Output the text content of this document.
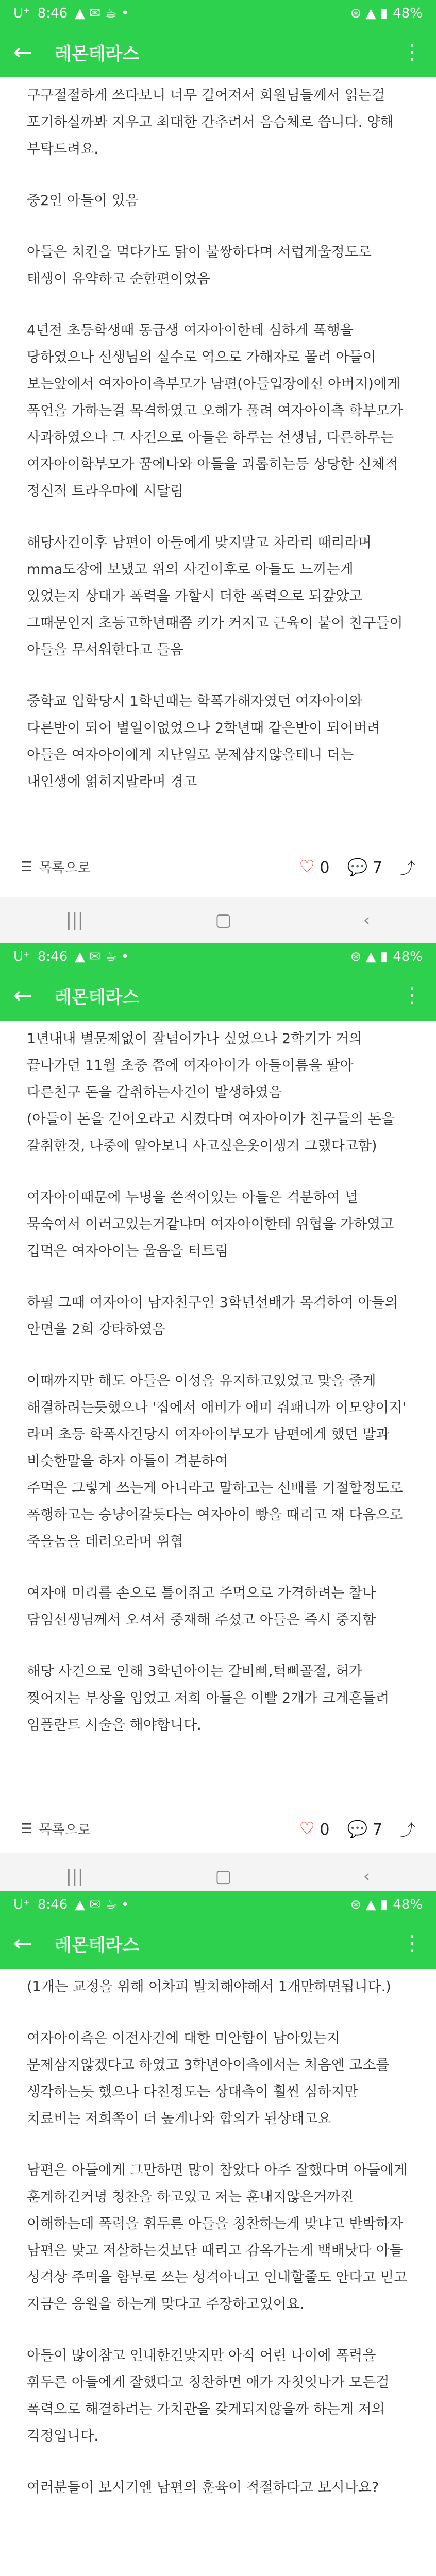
U⁺ 8:46 ▲ ✉ ☕ •	⊛ ▲ ▮ 48%
←	레몬테라스	⋮

구구절절하게 쓰다보니 너무 길어져서 회원님들께서 읽는걸 포기하실까봐 지우고 최대한 간추려서 음슴체로 씁니다. 양해 부탁드려요.

중2인 아들이 있음

아들은 치킨을 먹다가도 닭이 불쌍하다며 서럽게울정도로 태생이 유약하고 순한편이었음

4년전 초등학생때 동급생 여자아이한테 심하게 폭행을 당하였으나 선생님의 실수로 역으로 가해자로 몰려 아들이 보는앞에서 여자아이측부모가 남편(아들입장에선 아버지)에게 폭언을 가하는걸 목격하였고 오해가 풀려 여자아이측 학부모가 사과하였으나 그 사건으로 아들은 하루는 선생님, 다른하루는 여자아이학부모가 꿈에나와 아들을 괴롭히는등 상당한 신체적 정신적 트라우마에 시달림

해당사건이후 남편이 아들에게 맞지말고 차라리 때리라며 mma도장에 보냈고 위의 사건이후로 아들도 느끼는게 있었는지 상대가 폭력을 가할시 더한 폭력으로 되갚았고 그때문인지 초등고학년때쯤 키가 커지고 근육이 붙어 친구들이 아들을 무서워한다고 들음

중학교 입학당시 1학년때는 학폭가해자였던 여자아이와 다른반이 되어 별일이없었으나 2학년때 같은반이 되어버려 아들은 여자아이에게 지난일로 문제삼지않을테니 더는 내인생에 얽히지말라며 경고

☰ 목록으로	♡ 0 💬 7 ⤴
|||	▢	‹
U⁺ 8:46 ▲ ✉ ☕ •	⊛ ▲ ▮ 48%
←	레몬테라스	⋮

1년내내 별문제없이 잘넘어가나 싶었으나 2학기가 거의 끝나가던 11월 초중 쯤에 여자아이가 아들이름을 팔아 다른친구 돈을 갈취하는사건이 발생하였음
(아들이 돈을 걷어오라고 시켰다며 여자아이가 친구들의 돈을 갈취한것, 나중에 알아보니 사고싶은옷이생겨 그랬다고함)

여자아이때문에 누명을 쓴적이있는 아들은 격분하여 널 묵숙여서 이러고있는거같냐며 여자아이한테 위협을 가하였고 겁먹은 여자아이는 울음을 터트림

하필 그때 여자아이 남자친구인 3학년선배가 목격하여 아들의 안면을 2회 강타하였음

이때까지만 해도 아들은 이성을 유지하고있었고 맞을 줄게 해결하려는듯했으나 '집에서 애비가 애미 줘패니까 이모양이지' 라며 초등 학폭사건당시 여자아이부모가 남편에게 했던 말과 비슷한말을 하자 아들이 격분하여
주먹은 그렇게 쓰는게 아니라고 말하고는 선배를 기절할정도로 폭행하고는 승냥어갈듯다는 여자아이 빵을 때리고 재 다음으로 죽을놈을 데려오라며 위협

여자애 머리를 손으로 틀어쥐고 주먹으로 가격하려는 찰나 담임선생님께서 오셔서 중재해 주셨고 아들은 즉시 중지함

해당 사건으로 인해 3학년아이는 갈비뼈,턱뼈골절, 허가 찢어지는 부상을 입었고 저희 아들은 이빨 2개가 크게흔들려 임플란트 시술을 해야합니다.

☰ 목록으로	♡ 0 💬 7 ⤴
|||	▢	‹
U⁺ 8:46 ▲ ✉ ☕ •	⊛ ▲ ▮ 48%
←	레몬테라스	⋮

(1개는 교정을 위해 어차피 발치해야해서 1개만하면됩니다.)

여자아이측은 이전사건에 대한 미안함이 남아있는지 문제삼지않겠다고 하였고 3학년아이측에서는 처음엔 고소를 생각하는듯 했으나 다친정도는 상대측이 훨씬 심하지만 치료비는 저희쪽이 더 높게나와 합의가 된상태고요

남편은 아들에게 그만하면 많이 참았다 아주 잘했다며 아들에게 훈계하긴커녕 칭찬을 하고있고 저는 훈내지않은거까진 이해하는데 폭력을 휘두른 아들을 칭찬하는게 맞냐고 반박하자 남편은 맞고 저살하는것보단 때리고 감옥가는게 백배낫다 아들 성격상 주먹을 함부로 쓰는 성격아니고 인내할줄도 안다고 믿고 지금은 응원을 하는게 맞다고 주장하고있어요.

아들이 많이참고 인내한건맞지만 아직 어린 나이에 폭력을 휘두른 아들에게 잘했다고 칭찬하면 애가 자칫잇나가 모든걸 폭력으로 해결하려는 가치관을 갖게되지않을까 하는게 저의 걱정입니다.

여러분들이 보시기엔 남편의 훈육이 적절하다고 보시나요?
